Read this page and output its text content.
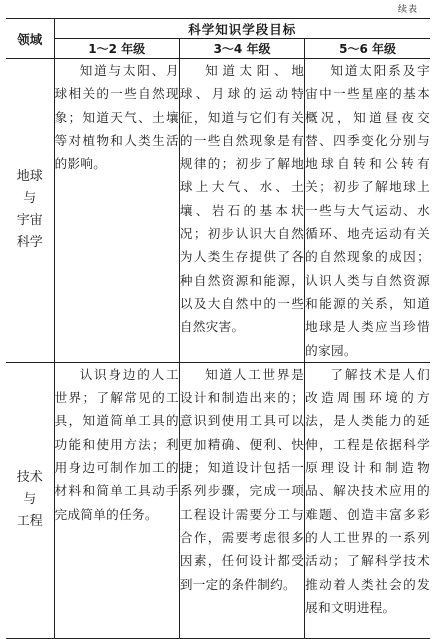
续表
领域	科学知识学段目标		
	1～2 年级	3～4 年级	5～6 年级

地球
与
宇宙
科学	知道与太阳、月球相关的一些自然现象；知道天气、土壤等对植物和人类生活的影响。	知道太阳、地球、月球的运动特征，知道与它们有关的一些自然现象是有规律的；初步了解地球上大气、水、土壤、岩石的基本状况；初步认识大自然为人类生存提供了各种自然资源和能源，以及大自然中的一些自然灾害。	知道太阳系及宇宙中一些星座的基本概况，知道昼夜交替、四季变化分别与地球自转和公转有关；初步了解地球上一些与大气运动、水循环、地壳运动有关的自然现象的成因；认识人类与自然资源和能源的关系，知道地球是人类应当珍惜的家园。

技术
与
工程	认识身边的人工世界；了解常见的工具，知道简单工具的功能和使用方法；利用身边可制作加工的材料和简单工具动手完成简单的任务。	知道人工世界是设计和制造出来的；意识到使用工具可以更加精确、便利、快捷；知道设计包括一系列步骤，完成一项工程设计需要分工与合作，需要考虑很多因素，任何设计都受到一定的条件制约。	了解技术是人们改造周围环境的方法，是人类能力的延伸，工程是依据科学原理设计和制造物品、解决技术应用的难题、创造丰富多彩的人工世界的一系列活动；了解科学技术推动着人类社会的发展和文明进程。
